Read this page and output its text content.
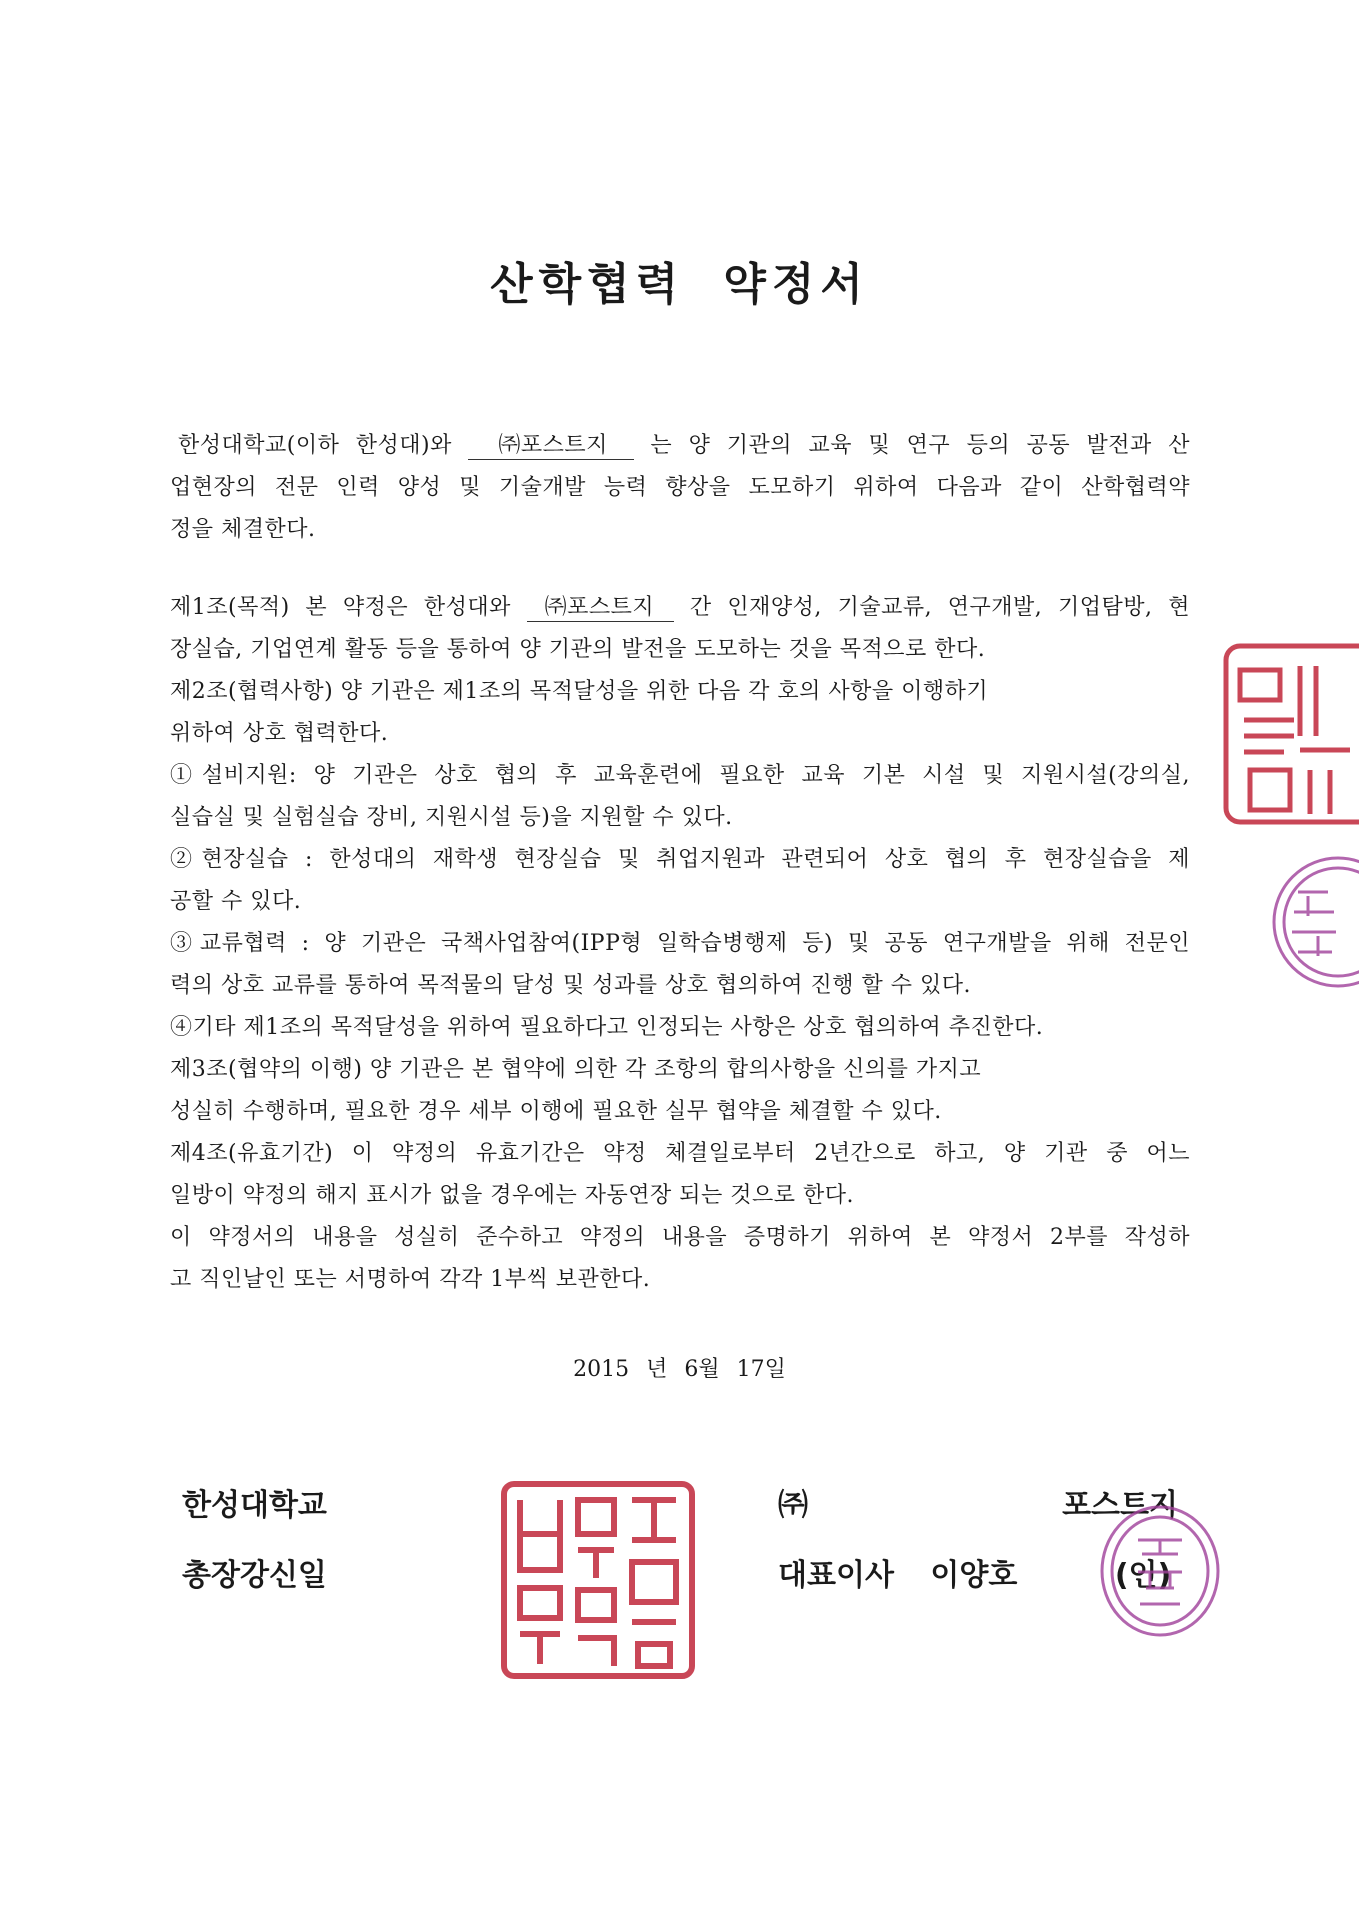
산학협력 약정서
한성대학교(이하 한성대)와 ㈜포스트지 는 양 기관의 교육 및 연구 등의 공동 발전과 산
업현장의 전문 인력 양성 및 기술개발 능력 향상을 도모하기 위하여 다음과 같이 산학협력약
정을 체결한다.
제1조(목적) 본 약정은 한성대와 ㈜포스트지 간 인재양성, 기술교류, 연구개발, 기업탐방, 현
장실습, 기업연계 활동 등을 통하여 양 기관의 발전을 도모하는 것을 목적으로 한다.
제2조(협력사항) 양 기관은 제1조의 목적달성을 위한 다음 각 호의 사항을 이행하기
위하여 상호 협력한다.
①설비지원: 양 기관은 상호 협의 후 교육훈련에 필요한 교육 기본 시설 및 지원시설(강의실,
실습실 및 실험실습 장비, 지원시설 등)을 지원할 수 있다.
②현장실습 : 한성대의 재학생 현장실습 및 취업지원과 관련되어 상호 협의 후 현장실습을 제
공할 수 있다.
③교류협력 : 양 기관은 국책사업참여(IPP형 일학습병행제 등) 및 공동 연구개발을 위해 전문인
력의 상호 교류를 통하여 목적물의 달성 및 성과를 상호 협의하여 진행 할 수 있다.
④기타 제1조의 목적달성을 위하여 필요하다고 인정되는 사항은 상호 협의하여 추진한다.
제3조(협약의 이행) 양 기관은 본 협약에 의한 각 조항의 합의사항을 신의를 가지고
성실히 수행하며, 필요한 경우 세부 이행에 필요한 실무 협약을 체결할 수 있다.
제4조(유효기간) 이 약정의 유효기간은 약정 체결일로부터 2년간으로 하고, 양 기관 중 어느
일방이 약정의 해지 표시가 없을 경우에는 자동연장 되는 것으로 한다.
이 약정서의 내용을 성실히 준수하고 약정의 내용을 증명하기 위하여 본 약정서 2부를 작성하
고 직인날인 또는 서명하여 각각 1부씩 보관한다.
2015 년 6월 17일
한성대학교
총장강신일
㈜포스트지
대표이사 이양호	(인)
